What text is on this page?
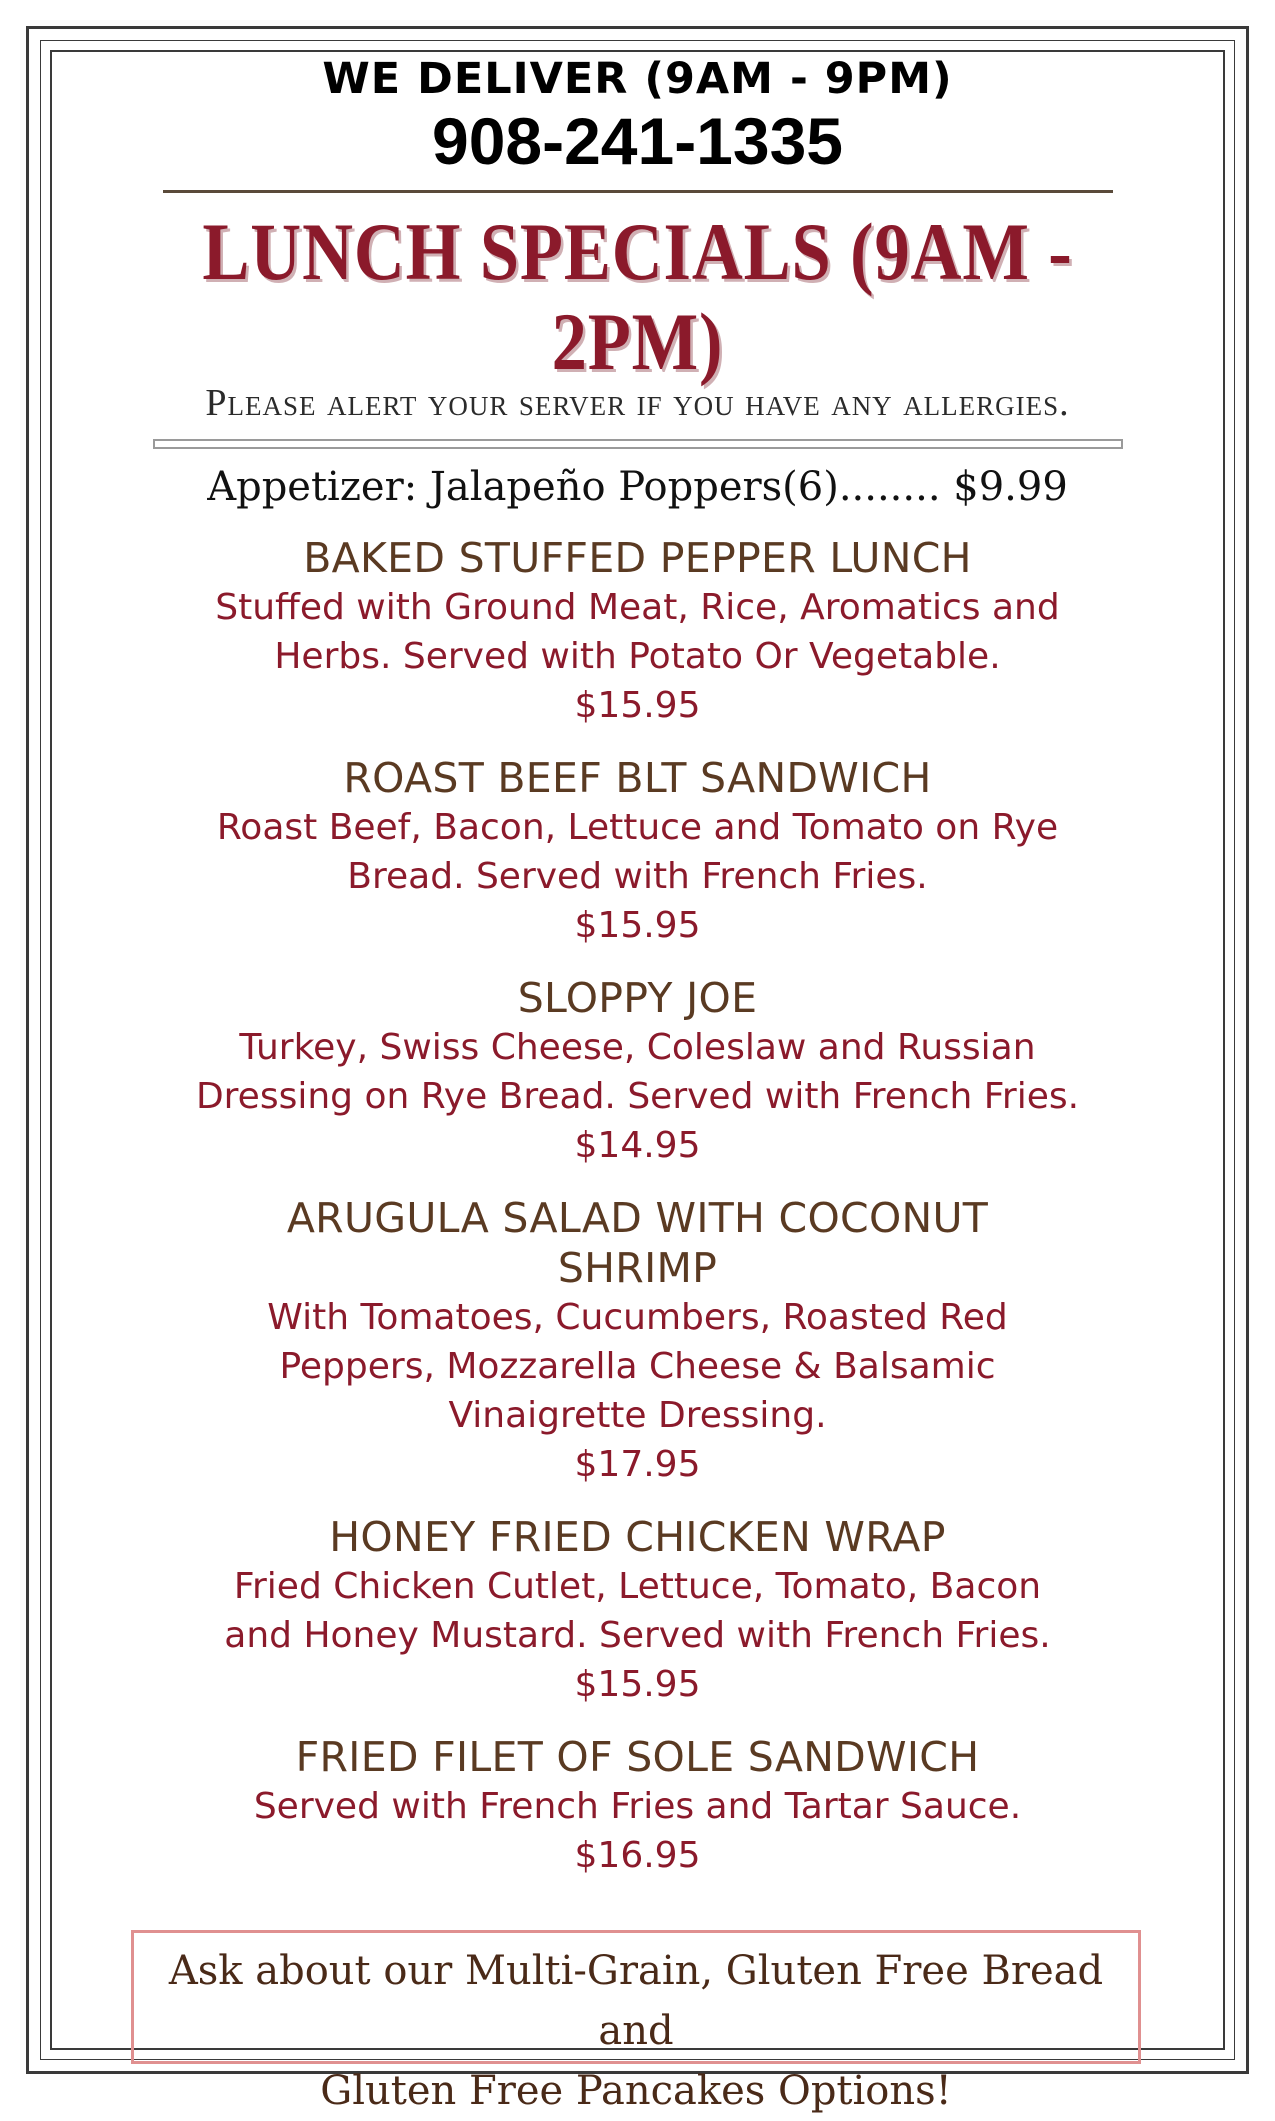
WE DELIVER (9AM - 9PM)
908-241-1335
LUNCH SPECIALS (9AM - 2PM)
Please alert your server if you have any allergies.
Appetizer: Jalapeño Poppers(6)........ $9.99
BAKED STUFFED PEPPER LUNCH
Stuffed with Ground Meat, Rice, Aromatics and
Herbs. Served with Potato Or Vegetable.
$15.95
ROAST BEEF BLT SANDWICH
Roast Beef, Bacon, Lettuce and Tomato on Rye
Bread. Served with French Fries.
$15.95
SLOPPY JOE
Turkey, Swiss Cheese, Coleslaw and Russian
Dressing on Rye Bread. Served with French Fries.
$14.95
ARUGULA SALAD WITH COCONUT
SHRIMP
With Tomatoes, Cucumbers, Roasted Red
Peppers, Mozzarella Cheese & Balsamic
Vinaigrette Dressing.
$17.95
HONEY FRIED CHICKEN WRAP
Fried Chicken Cutlet, Lettuce, Tomato, Bacon
and Honey Mustard. Served with French Fries.
$15.95
FRIED FILET OF SOLE SANDWICH
Served with French Fries and Tartar Sauce.
$16.95
Ask about our Multi-Grain, Gluten Free Bread and
Gluten Free Pancakes Options!
